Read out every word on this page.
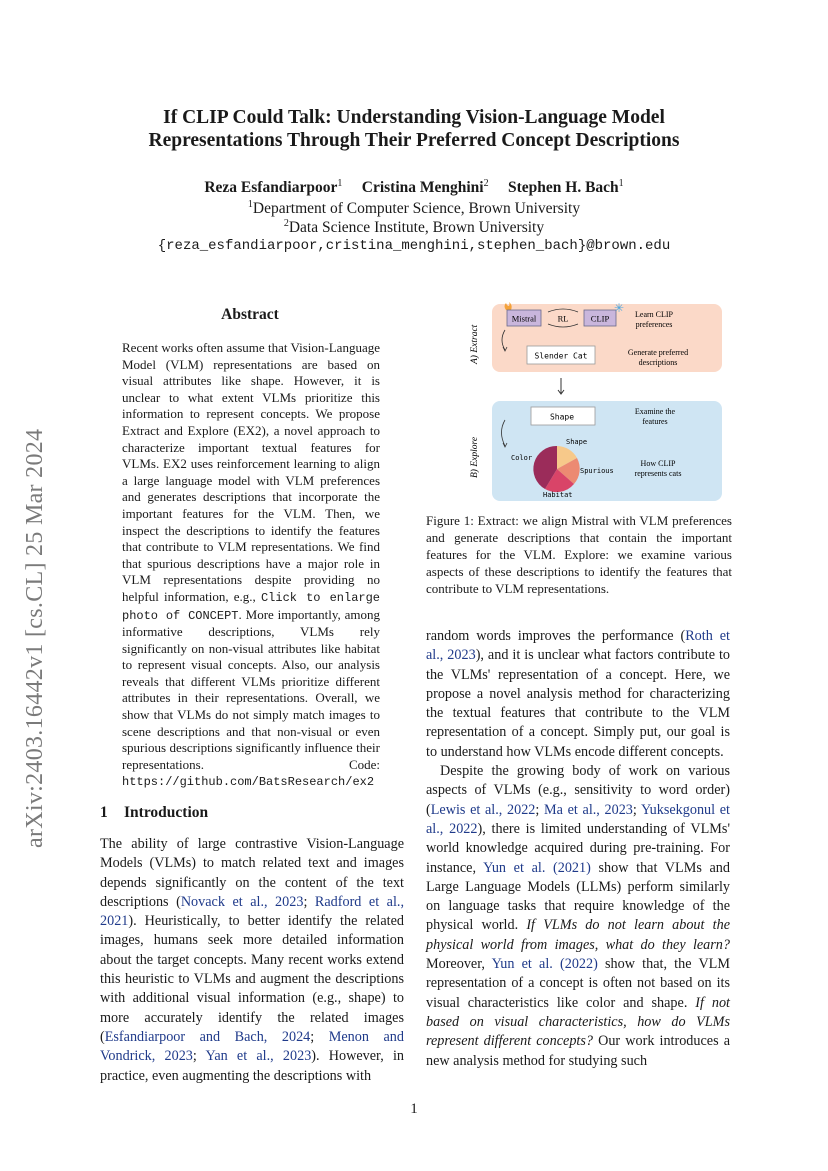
If CLIP Could Talk: Understanding Vision-Language Model
Representations Through Their Preferred Concept Descriptions
Reza Esfandiarpoor$^1$ Cristina Menghini$^2$ Stephen H. Bach$^1$
$^1$Department of Computer Science, Brown University
$^2$Data Science Institute, Brown University
{reza_esfandiarpoor,cristina_menghini,stephen_bach}@brown.edu
arXiv:2403.16442v1 [cs.CL] 25 Mar 2024
Abstract
Recent works often assume that Vision-Language Model (VLM) representations are based on visual attributes like shape. However, it is unclear to what extent VLMs prioritize this information to represent concepts. We propose Extract and Explore (EX2), a novel approach to characterize important textual features for VLMs. EX2 uses reinforcement learning to align a large language model with VLM preferences and generates descriptions that incorporate the important features for the VLM. Then, we inspect the descriptions to identify the features that contribute to VLM representations. We find that spurious descriptions have a major role in VLM representations despite providing no helpful information, e.g., Click to enlarge photo of CONCEPT. More importantly, among informative descriptions, VLMs rely significantly on non-visual attributes like habitat to represent visual concepts. Also, our analysis reveals that different VLMs prioritize different attributes in their representations. Overall, we show that VLMs do not simply match images to scene descriptions and that non-visual or even spurious descriptions significantly influence their representations. Code: https://github.com/BatsResearch/ex2
1 Introduction

The ability of large contrastive Vision-Language Models (VLMs) to match related text and images depends significantly on the content of the text descriptions (Novack et al., 2023; Radford et al., 2021). Heuristically, to better identify the related images, humans seek more detailed information about the target concepts. Many recent works extend this heuristic to VLMs and augment the descriptions with additional visual information (e.g., shape) to more accurately identify the related images (Esfandiarpoor and Bach, 2024; Menon and Vondrick, 2023; Yan et al., 2023). However, in practice, even augmenting the descriptions with

A) Extract
Mistral	RL	CLIP
✳ Learn CLIP
preferences
Slender Cat	Generate preferred
descriptions
B) Explore
Shape
Examine the
features
How CLIP
represents cats
Shape
Color
Spurious
Habitat
Figure 1: Extract: we align Mistral with VLM preferences and generate descriptions that contain the important features for the VLM. Explore: we examine various aspects of these descriptions to identify the features that contribute to VLM representations.

random words improves the performance (Roth et al., 2023), and it is unclear what factors contribute to the VLMs' representation of a concept. Here, we propose a novel analysis method for characterizing the textual features that contribute to the VLM representation of a concept. Simply put, our goal is to understand how VLMs encode different concepts.

Despite the growing body of work on various aspects of VLMs (e.g., sensitivity to word order) (Lewis et al., 2022; Ma et al., 2023; Yuksekgonul et al., 2022), there is limited understanding of VLMs' world knowledge acquired during pre-training. For instance, Yun et al. (2021) show that VLMs and Large Language Models (LLMs) perform similarly on language tasks that require knowledge of the physical world. If VLMs do not learn about the physical world from images, what do they learn? Moreover, Yun et al. (2022) show that, the VLM representation of a concept is often not based on its visual characteristics like color and shape. If not based on visual characteristics, how do VLMs represent different concepts? Our work introduces a new analysis method for studying such

1
